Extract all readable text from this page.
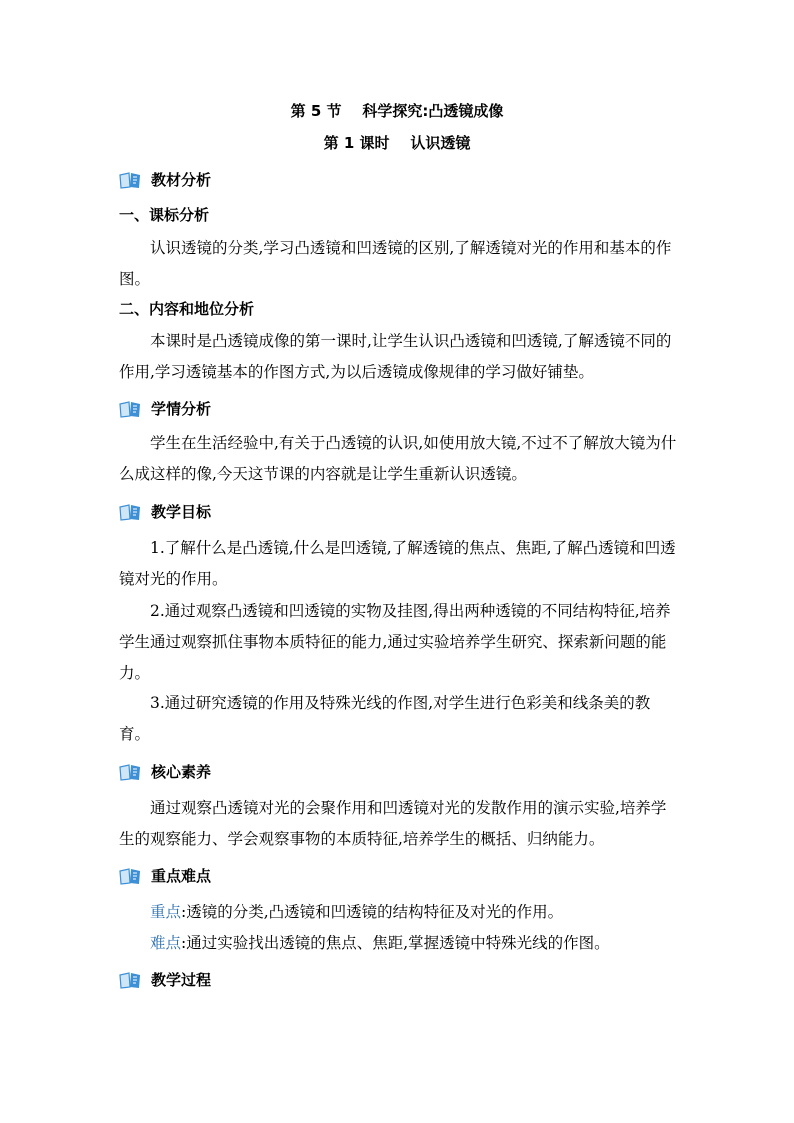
第 5 节    科学探究:凸透镜成像
第 1 课时    认识透镜
教材分析
一、课标分析

认识透镜的分类,学习凸透镜和凹透镜的区别,了解透镜对光的作用和基本的作图。

二、内容和地位分析

本课时是凸透镜成像的第一课时,让学生认识凸透镜和凹透镜,了解透镜不同的作用,学习透镜基本的作图方式,为以后透镜成像规律的学习做好铺垫。

学情分析

学生在生活经验中,有关于凸透镜的认识,如使用放大镜,不过不了解放大镜为什么成这样的像,今天这节课的内容就是让学生重新认识透镜。

教学目标

1.了解什么是凸透镜,什么是凹透镜,了解透镜的焦点、焦距,了解凸透镜和凹透镜对光的作用。

2.通过观察凸透镜和凹透镜的实物及挂图,得出两种透镜的不同结构特征,培养学生通过观察抓住事物本质特征的能力,通过实验培养学生研究、探索新问题的能力。

3.通过研究透镜的作用及特殊光线的作图,对学生进行色彩美和线条美的教育。

核心素养

通过观察凸透镜对光的会聚作用和凹透镜对光的发散作用的演示实验,培养学生的观察能力、学会观察事物的本质特征,培养学生的概括、归纳能力。

重点难点

重点:透镜的分类,凸透镜和凹透镜的结构特征及对光的作用。

难点:通过实验找出透镜的焦点、焦距,掌握透镜中特殊光线的作图。

教学过程
